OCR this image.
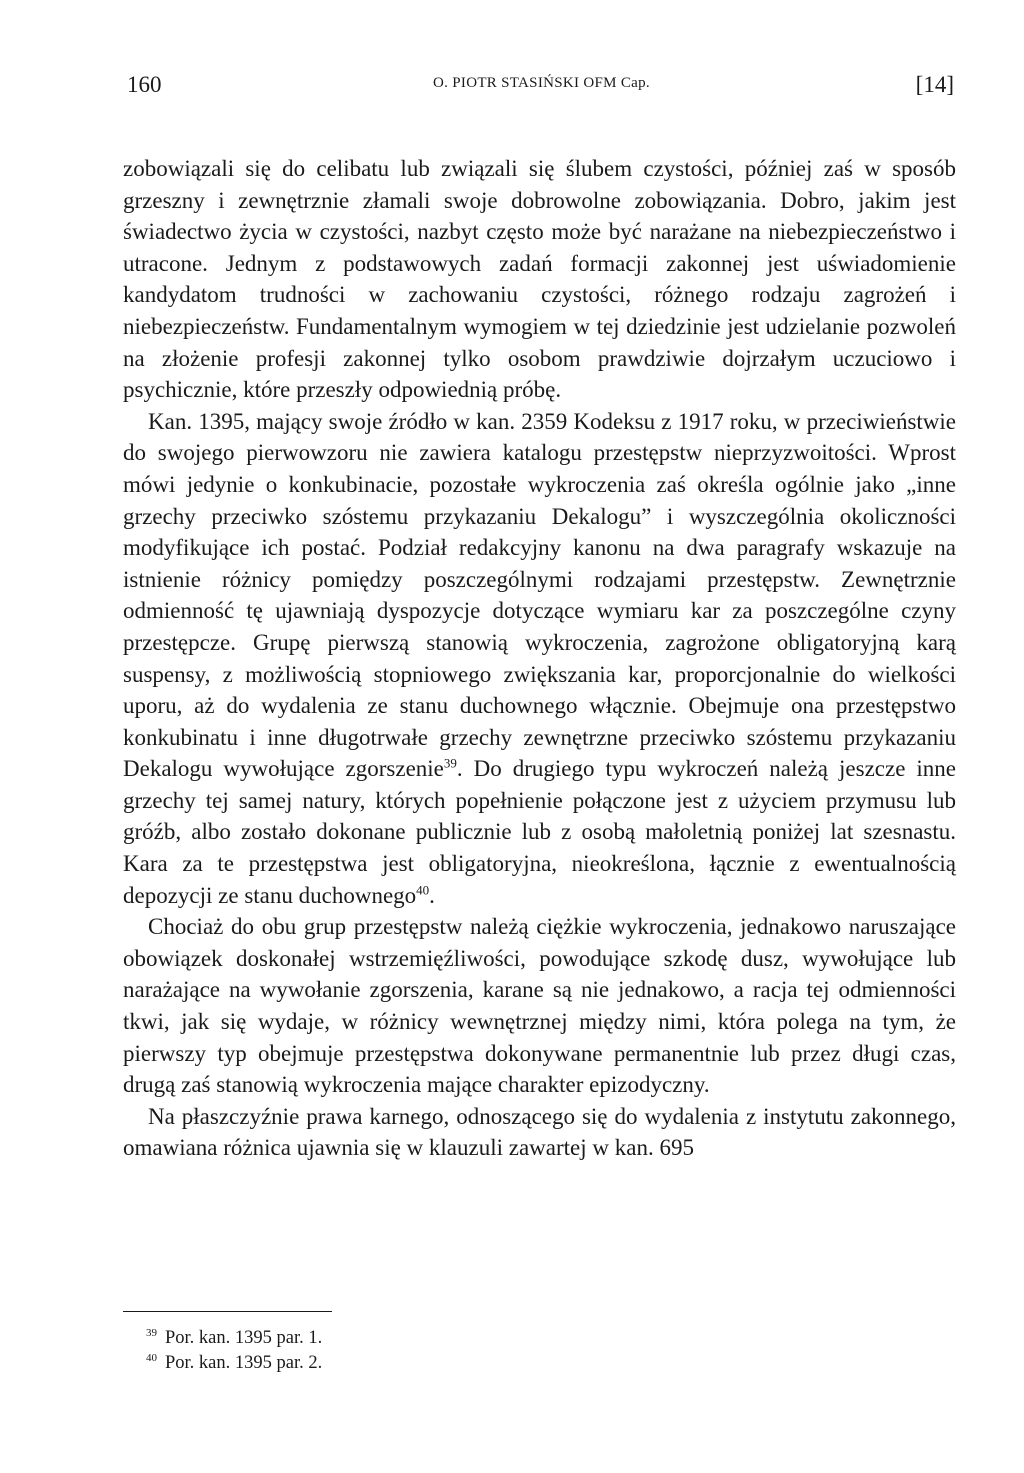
160	O. PIOTR STASIŃSKI OFM Cap.	[14]

zobowiązali się do celibatu lub związali się ślubem czystości, później zaś w sposób grzeszny i zewnętrznie złamali swoje dobrowolne zobowiązania. Dobro, jakim jest świadectwo życia w czystości, nazbyt często może być narażane na niebezpieczeństwo i utracone. Jednym z podstawowych zadań formacji zakonnej jest uświadomienie kandydatom trudności w zachowaniu czystości, różnego rodzaju zagrożeń i niebezpieczeństw. Fundamentalnym wymogiem w tej dziedzinie jest udzielanie pozwoleń na złożenie profesji zakonnej tylko osobom prawdziwie dojrzałym uczuciowo i psychicznie, które przeszły odpowiednią próbę.

Kan. 1395, mający swoje źródło w kan. 2359 Kodeksu z 1917 roku, w przeciwieństwie do swojego pierwowzoru nie zawiera katalogu przestępstw nieprzyzwoitości. Wprost mówi jedynie o konkubinacie, pozostałe wykroczenia zaś określa ogólnie jako „inne grzechy przeciwko szóstemu przykazaniu Dekalogu” i wyszczególnia okoliczności modyfikujące ich postać. Podział redakcyjny kanonu na dwa paragrafy wskazuje na istnienie różnicy pomiędzy poszczególnymi rodzajami przestępstw. Zewnętrznie odmienność tę ujawniają dyspozycje dotyczące wymiaru kar za poszczególne czyny przestępcze. Grupę pierwszą stanowią wykroczenia, zagrożone obligatoryjną karą suspensy, z możliwością stopniowego zwiększania kar, proporcjonalnie do wielkości uporu, aż do wydalenia ze stanu duchownego włącznie. Obejmuje ona przestępstwo konkubinatu i inne długotrwałe grzechy zewnętrzne przeciwko szóstemu przykazaniu Dekalogu wywołujące zgorszenie$^{39}$. Do drugiego typu wykroczeń należą jeszcze inne grzechy tej samej natury, których popełnienie połączone jest z użyciem przymusu lub gróźb, albo zostało dokonane publicznie lub z osobą małoletnią poniżej lat szesnastu. Kara za te przestępstwa jest obligatoryjna, nieokreślona, łącznie z ewentualnością depozycji ze stanu duchownego$^{40}$.

Chociaż do obu grup przestępstw należą ciężkie wykroczenia, jednakowo naruszające obowiązek doskonałej wstrzemięźliwości, powodujące szkodę dusz, wywołujące lub narażające na wywołanie zgorszenia, karane są nie jednakowo, a racja tej odmienności tkwi, jak się wydaje, w różnicy wewnętrznej między nimi, która polega na tym, że pierwszy typ obejmuje przestępstwa dokonywane permanentnie lub przez długi czas, drugą zaś stanowią wykroczenia mające charakter epizodyczny.

Na płaszczyźnie prawa karnego, odnoszącego się do wydalenia z instytutu zakonnego, omawiana różnica ujawnia się w klauzuli zawartej w kan. 695

$^{39}$ Por. kan. 1395 par. 1.
$^{40}$ Por. kan. 1395 par. 2.
